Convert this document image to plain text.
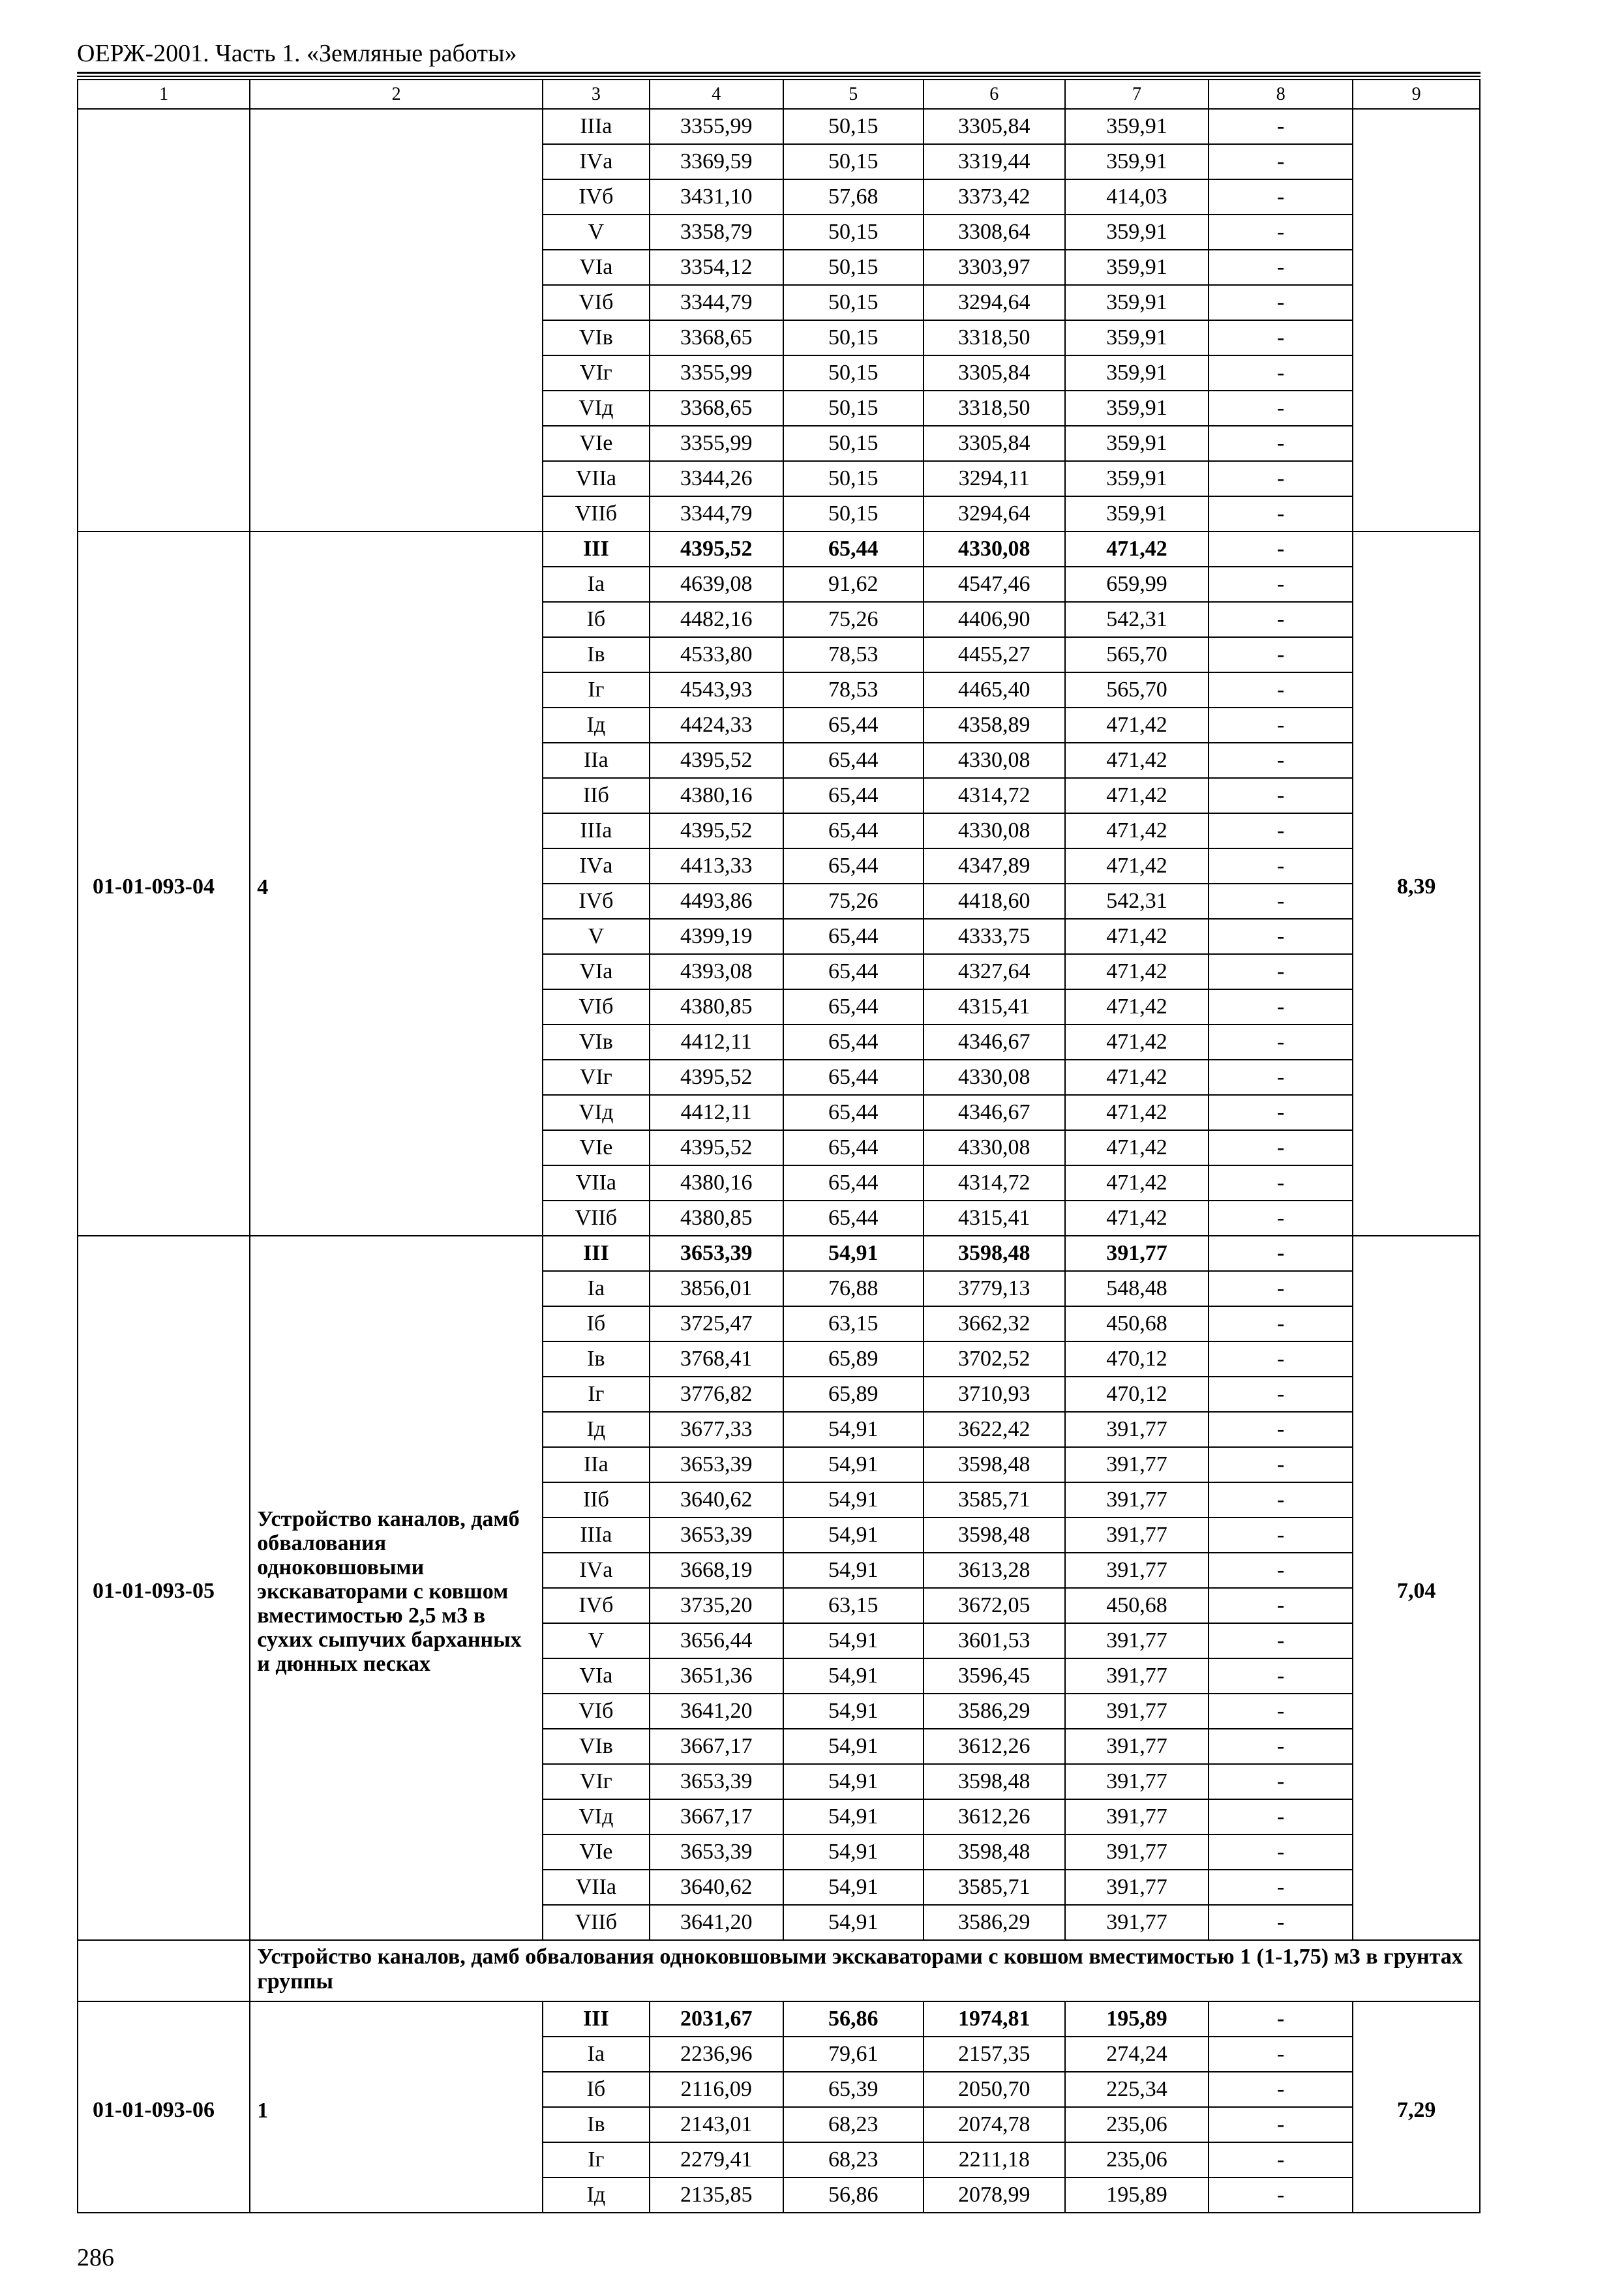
ОЕРЖ-2001. Часть 1. «Земляные работы»
1	2	3	4	5	6	7	8	9
		IIIа	3355,99	50,15	3305,84	359,91	-	
		IVа	3369,59	50,15	3319,44	359,91	-	
		IVб	3431,10	57,68	3373,42	414,03	-	
		V	3358,79	50,15	3308,64	359,91	-	
		VIа	3354,12	50,15	3303,97	359,91	-	
		VIб	3344,79	50,15	3294,64	359,91	-	
		VIв	3368,65	50,15	3318,50	359,91	-	
		VIг	3355,99	50,15	3305,84	359,91	-	
		VIд	3368,65	50,15	3318,50	359,91	-	
		VIе	3355,99	50,15	3305,84	359,91	-	
		VIIа	3344,26	50,15	3294,11	359,91	-	
		VIIб	3344,79	50,15	3294,64	359,91	-	
01-01-093-04	4	III	4395,52	65,44	4330,08	471,42	-	8,39
		Iа	4639,08	91,62	4547,46	659,99	-	
		Iб	4482,16	75,26	4406,90	542,31	-	
		Iв	4533,80	78,53	4455,27	565,70	-	
		Iг	4543,93	78,53	4465,40	565,70	-	
		Iд	4424,33	65,44	4358,89	471,42	-	
		IIа	4395,52	65,44	4330,08	471,42	-	
		IIб	4380,16	65,44	4314,72	471,42	-	
		IIIа	4395,52	65,44	4330,08	471,42	-	
		IVа	4413,33	65,44	4347,89	471,42	-	
		IVб	4493,86	75,26	4418,60	542,31	-	
		V	4399,19	65,44	4333,75	471,42	-	
		VIа	4393,08	65,44	4327,64	471,42	-	
		VIб	4380,85	65,44	4315,41	471,42	-	
		VIв	4412,11	65,44	4346,67	471,42	-	
		VIг	4395,52	65,44	4330,08	471,42	-	
		VIд	4412,11	65,44	4346,67	471,42	-	
		VIе	4395,52	65,44	4330,08	471,42	-	
		VIIа	4380,16	65,44	4314,72	471,42	-	
		VIIб	4380,85	65,44	4315,41	471,42	-	
01-01-093-05	Устройство каналов, дамб обвалования одноковшовыми экскаваторами с ковшом вместимостью 2,5 м3 в сухих сыпучих барханных и дюнных песках	III	3653,39	54,91	3598,48	391,77	-	7,04
		Iа	3856,01	76,88	3779,13	548,48	-	
		Iб	3725,47	63,15	3662,32	450,68	-	
		Iв	3768,41	65,89	3702,52	470,12	-	
		Iг	3776,82	65,89	3710,93	470,12	-	
		Iд	3677,33	54,91	3622,42	391,77	-	
		IIа	3653,39	54,91	3598,48	391,77	-	
		IIб	3640,62	54,91	3585,71	391,77	-	
		IIIа	3653,39	54,91	3598,48	391,77	-	
		IVа	3668,19	54,91	3613,28	391,77	-	
		IVб	3735,20	63,15	3672,05	450,68	-	
		V	3656,44	54,91	3601,53	391,77	-	
		VIа	3651,36	54,91	3596,45	391,77	-	
		VIб	3641,20	54,91	3586,29	391,77	-	
		VIв	3667,17	54,91	3612,26	391,77	-	
		VIг	3653,39	54,91	3598,48	391,77	-	
		VIд	3667,17	54,91	3612,26	391,77	-	
		VIе	3653,39	54,91	3598,48	391,77	-	
		VIIа	3640,62	54,91	3585,71	391,77	-	
		VIIб	3641,20	54,91	3586,29	391,77	-	
	Устройство каналов, дамб обвалования одноковшовыми экскаваторами с ковшом вместимостью 1 (1-1,75) м3 в грунтах группы							
01-01-093-06	1	III	2031,67	56,86	1974,81	195,89	-	7,29
		Iа	2236,96	79,61	2157,35	274,24	-	
		Iб	2116,09	65,39	2050,70	225,34	-	
		Iв	2143,01	68,23	2074,78	235,06	-	
		Iг	2279,41	68,23	2211,18	235,06	-	
		Iд	2135,85	56,86	2078,99	195,89	-	
286
